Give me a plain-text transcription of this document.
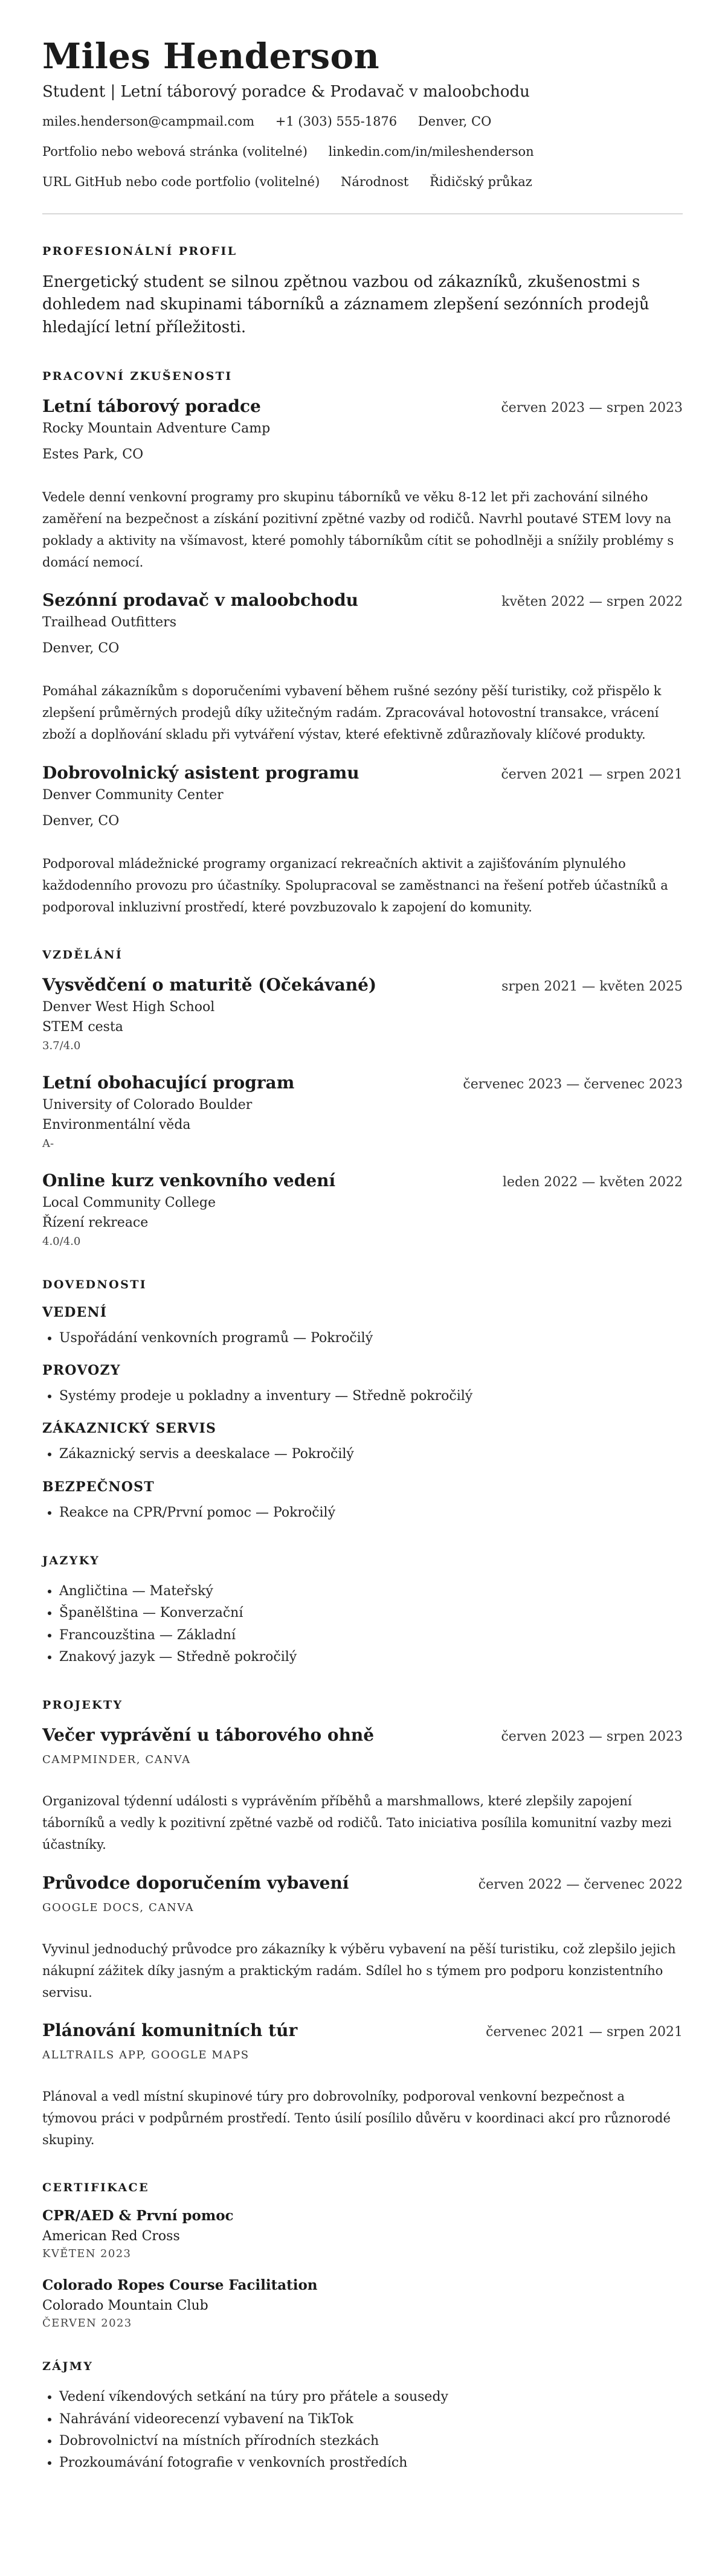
Miles Henderson
Student | Letní táborový poradce & Prodavač v maloobchodu
miles.henderson@campmail.com +1 (303) 555-1876 Denver, CO
Portfolio nebo webová stránka (volitelné) linkedin.com/in/mileshenderson
URL GitHub nebo code portfolio (volitelné) Národnost Řidičský průkaz
PROFESIONÁLNÍ PROFIL

Energetický student se silnou zpětnou vazbou od zákazníků, zkušenostmi s dohledem nad skupinami táborníků a záznamem zlepšení sezónních prodejů hledající letní příležitosti.

PRACOVNÍ ZKUŠENOSTI
Letní táborový poradce	červen 2023 — srpen 2023
Rocky Mountain Adventure Camp
Estes Park, CO
Vedele denní venkovní programy pro skupinu táborníků ve věku 8-12 let při zachování silného zaměření na bezpečnost a získání pozitivní zpětné vazby od rodičů. Navrhl poutavé STEM lovy na poklady a aktivity na všímavost, které pomohly táborníkům cítit se pohodlněji a snížily problémy s domácí nemocí.
Sezónní prodavač v maloobchodu	květen 2022 — srpen 2022
Trailhead Outfitters
Denver, CO
Pomáhal zákazníkům s doporučeními vybavení během rušné sezóny pěší turistiky, což přispělo k zlepšení průměrných prodejů díky užitečným radám. Zpracovával hotovostní transakce, vrácení zboží a doplňování skladu při vytváření výstav, které efektivně zdůrazňovaly klíčové produkty.
Dobrovolnický asistent programu	červen 2021 — srpen 2021
Denver Community Center
Denver, CO
Podporoval mládežnické programy organizací rekreačních aktivit a zajišťováním plynulého každodenního provozu pro účastníky. Spolupracoval se zaměstnanci na řešení potřeb účastníků a podporoval inkluzivní prostředí, které povzbuzovalo k zapojení do komunity.
VZDĚLÁNÍ
Vysvědčení o maturitě (Očekávané)	srpen 2021 — květen 2025
Denver West High School
STEM cesta
3.7/4.0
Letní obohacující program	červenec 2023 — červenec 2023
University of Colorado Boulder
Environmentální věda
A-
Online kurz venkovního vedení	leden 2022 — květen 2022
Local Community College
Řízení rekreace
4.0/4.0
DOVEDNOSTI
VEDENÍ
• Uspořádání venkovních programů — Pokročilý
PROVOZY
• Systémy prodeje u pokladny a inventury — Středně pokročilý
ZÁKAZNICKÝ SERVIS
• Zákaznický servis a deeskalace — Pokročilý
BEZPEČNOST
• Reakce na CPR/První pomoc — Pokročilý
JAZYKY
• Angličtina — Mateřský
• Španělština — Konverzační
• Francouzština — Základní
• Znakový jazyk — Středně pokročilý
PROJEKTY
Večer vyprávění u táborového ohně	červen 2023 — srpen 2023
CAMPMINDER, CANVA
Organizoval týdenní události s vyprávěním příběhů a marshmallows, které zlepšily zapojení táborníků a vedly k pozitivní zpětné vazbě od rodičů. Tato iniciativa posílila komunitní vazby mezi účastníky.
Průvodce doporučením vybavení	červen 2022 — červenec 2022
GOOGLE DOCS, CANVA
Vyvinul jednoduchý průvodce pro zákazníky k výběru vybavení na pěší turistiku, což zlepšilo jejich nákupní zážitek díky jasným a praktickým radám. Sdílel ho s týmem pro podporu konzistentního servisu.
Plánování komunitních túr	červenec 2021 — srpen 2021
ALLTRAILS APP, GOOGLE MAPS
Plánoval a vedl místní skupinové túry pro dobrovolníky, podporoval venkovní bezpečnost a týmovou práci v podpůrném prostředí. Tento úsilí posílilo důvěru v koordinaci akcí pro různorodé skupiny.
CERTIFIKACE
CPR/AED & První pomoc
American Red Cross
KVĚTEN 2023
Colorado Ropes Course Facilitation
Colorado Mountain Club
ČERVEN 2023
ZÁJMY
• Vedení víkendových setkání na túry pro přátele a sousedy
• Nahrávání videorecenzí vybavení na TikTok
• Dobrovolnictví na místních přírodních stezkách
• Prozkoumávání fotografie v venkovních prostředích
